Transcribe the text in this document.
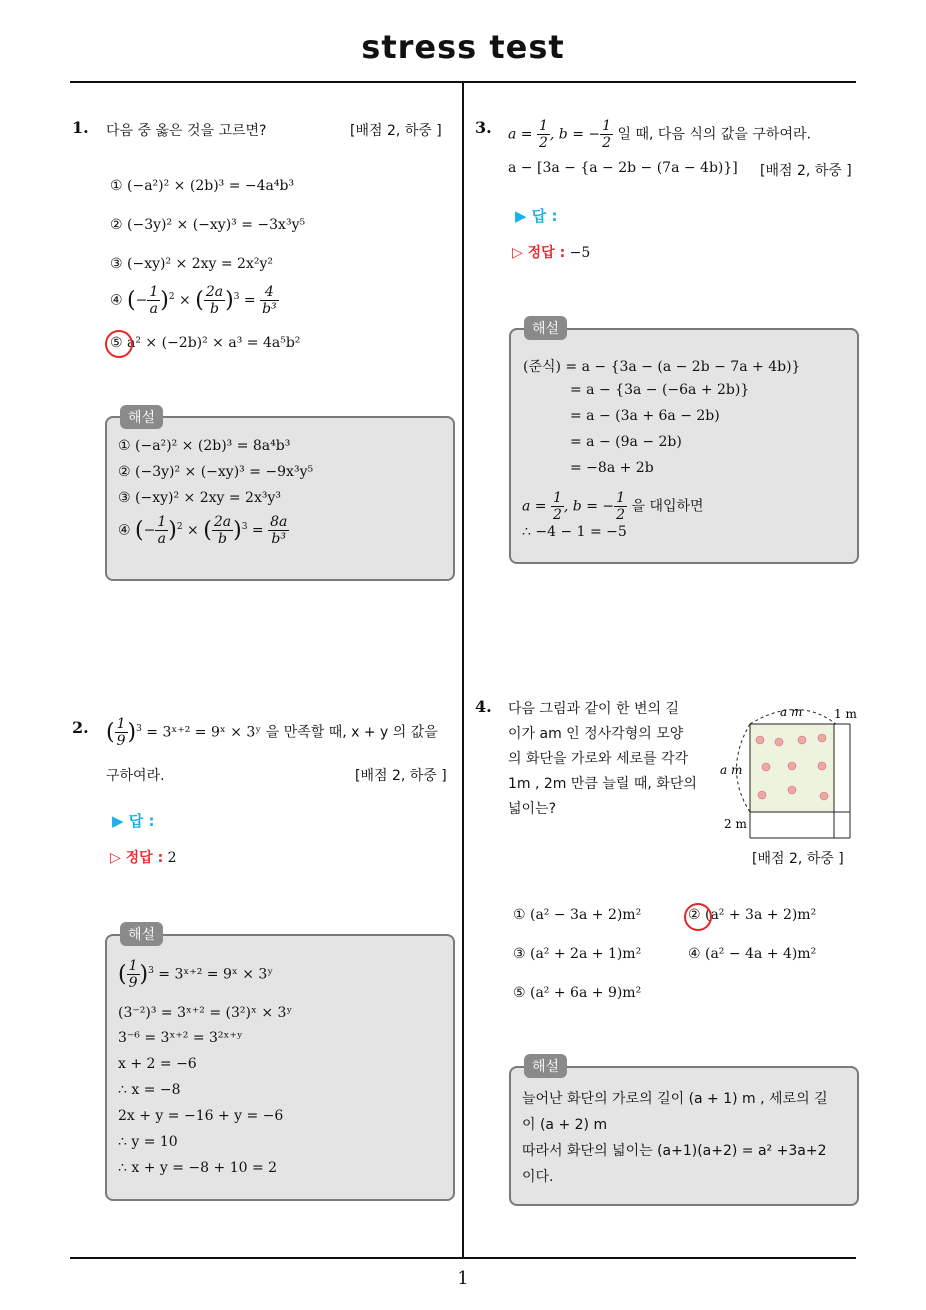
stress test
1
1. 다음 중 옳은 것을 고르면?	[배점 2, 하중 ]
① (−a²)² × (2b)³ = −4a⁴b³
② (−3y)² × (−xy)³ = −3x³y⁵
③ (−xy)² × 2xy = 2x²y²
④ (− $\frac{1}{a} )^2$ × ( $\frac{2a}{b} )^3 = \frac{4}{\text{b³}}$
⑤ a² × (−2b)² × a³ = 4a⁵b²
해설
① (−a²)² × (2b)³ = 8a⁴b³
② (−3y)² × (−xy)³ = −9x³y⁵
③ (−xy)² × 2xy = 2x³y³
④ (− $\frac{1}{a} )^2$ × ( $\frac{2a}{b} )^3 = \frac{8a}{\text{b³}}$
2. ( $\frac{1}{9} )^3$ = 3ˣ⁺² = 9ˣ × 3ʸ 을 만족할 때, x + y 의 값을
구하여라.	[배점 2, 하중 ]
▶ 답 :
▷ 정답 : 2
해설
( $\frac{1}{9} )^3$ = 3ˣ⁺² = 9ˣ × 3ʸ
(3⁻²)³ = 3ˣ⁺² = (3²)ˣ × 3ʸ
3⁻⁶ = 3ˣ⁺² = 3²ˣ⁺ʸ
x + 2 = −6
∴ x = −8
2x + y = −16 + y = −6
∴ y = 10
∴ x + y = −8 + 10 = 2
3. $a = \frac{1}{2}$ , b = − $\frac{1}{2}$ 일 때, 다음 식의 값을 구하여라.
a − [3a − {a − 2b − (7a − 4b)}] [배점 2, 하중 ]
▶ 답 :
▷ 정답 : −5
해설
(준식) = a − {3a − (a − 2b − 7a + 4b)}
= a − {3a − (−6a + 2b)}
= a − (3a + 6a − 2b)
= a − (9a − 2b)
= −8a + 2b
$a = \frac{1}{2}$ , b = − $\frac{1}{2}$ 을 대입하면
∴ −4 − 1 = −5
4. 다음 그림과 같이 한 변의 길
이가 am 인 정사각형의 모양
의 화단을 가로와 세로를 각각
1m , 2m 만큼 늘릴 때, 화단의
넓이는?
a m	1 m
a m
2 m
[배점 2, 하중 ]
① (a² − 3a + 2)m²	② (a² + 3a + 2)m²
③ (a² + 2a + 1)m²	④ (a² − 4a + 4)m²
⑤ (a² + 6a + 9)m²
해설
늘어난 화단의 가로의 길이 (a + 1) m , 세로의 길
이 (a + 2) m
따라서 화단의 넓이는 (a+1)(a+2) = a² +3a+2
이다.
